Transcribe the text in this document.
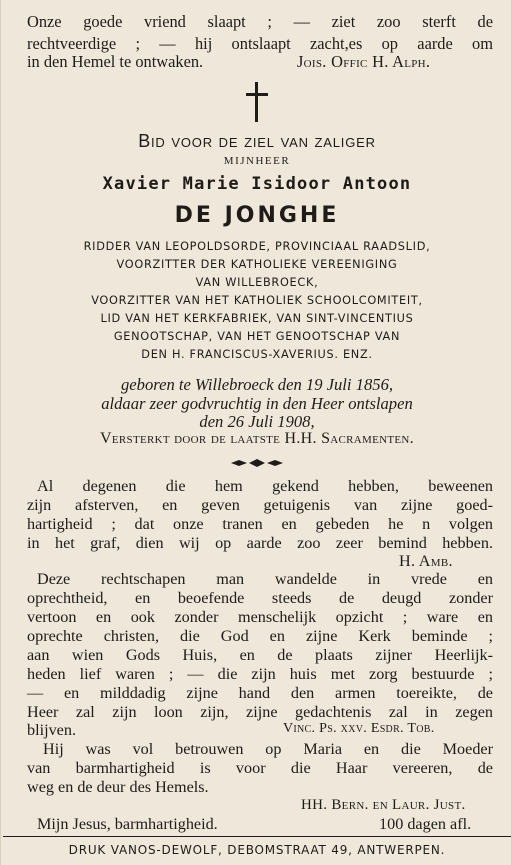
Onze goede vriend slaapt ; — ziet zoo sterft de
rechtveerdige ; — hij ontslaapt zacht,es op aarde om
in den Hemel te ontwaken.	Jois. Offic H. Alph.
Bid voor de ziel van zaliger
MIJNHEER
Xavier Marie Isidoor Antoon
DE JONGHE
RIDDER VAN LEOPOLDSORDE, PROVINCIAAL RAADSLID,
VOORZITTER DER KATHOLIEKE VEREENIGING
VAN WILLEBROECK,
VOORZITTER VAN HET KATHOLIEK SCHOOLCOMITEIT,
LID VAN HET KERKFABRIEK, VAN SINT-VINCENTIUS
GENOOTSCHAP, VAN HET GENOOTSCHAP VAN
DEN H. FRANCISCUS-XAVERIUS. ENZ.
geboren te Willebroeck den 19 Juli 1856,
aldaar zeer godvruchtig in den Heer ontslapen
den 26 Juli 1908,
Versterkt door de laatste H.H. Sacramenten.
Al degenen die hem gekend hebben, beweenen
zijn afsterven, en geven getuigenis van zijne goed-
hartigheid ; dat onze tranen en gebeden he n volgen
in het graf, dien wij op aarde zoo zeer bemind hebben.
H. Amb.
Deze rechtschapen man wandelde in vrede en
oprechtheid, en beoefende steeds de deugd zonder
vertoon en ook zonder menschelijk opzicht ; ware en
oprechte christen, die God en zijne Kerk beminde ;
aan wien Gods Huis, en de plaats zijner Heerlijk-
heden lief waren ; — die zijn huis met zorg bestuurde ;
— en milddadig zijne hand den armen toereikte, de
Heer zal zijn loon zijn, zijne gedachtenis zal in zegen
blijven.	Vinc. Ps. xxv. Esdr. Tob.
Hij was vol betrouwen op Maria en die Moeder
van barmhartigheid is voor die Haar vereeren, de
weg en de deur des Hemels.
HH. Bern. en Laur. Just.
Mijn Jesus, barmhartigheid.	100 dagen afl.
DRUK VANOS-DEWOLF, DEBOMSTRAAT 49, ANTWERPEN.
